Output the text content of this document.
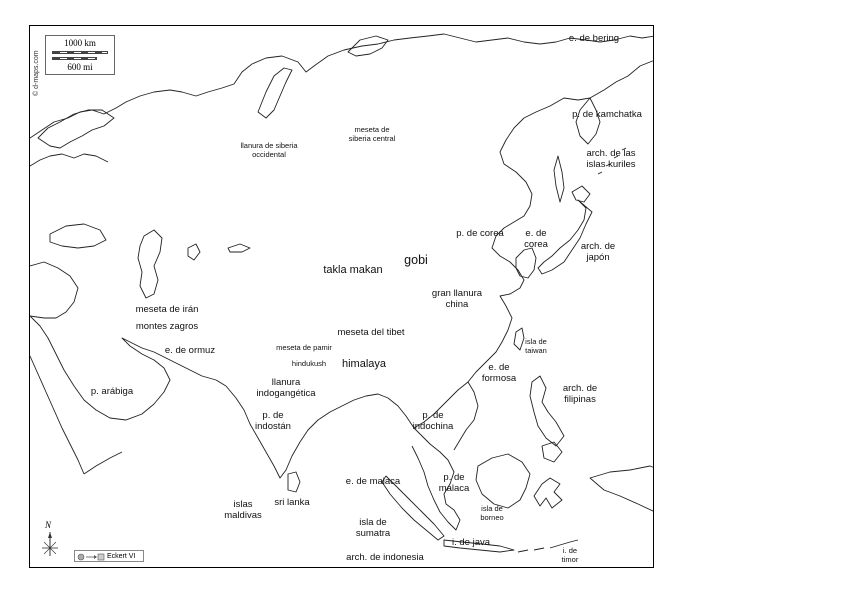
© d-maps.com
1000 km
600 mi
N
Eckert VI
e. de bering
p. de kamchatka
arch. de las
islas kuriles
meseta de
siberia central
llanura de siberia
occidental
p. de corea e. de
corea	arch. de
japón
gobi
takla makan
gran llanura
china
meseta de irán
montes zagros
meseta del tibet
meseta de pamir
e. de ormuz
hindukush himalaya
isla de
taiwan
e. de
formosa
llanura
indogangética
p. arábiga	arch. de
filipinas
p. de
indostán
p. de
indochina
e. de malaca	p. de
malaca
islas
maldivas
sri lanka
isla de
borneo
isla de
sumatra
i. de java
arch. de indonesia
i. de
timor
